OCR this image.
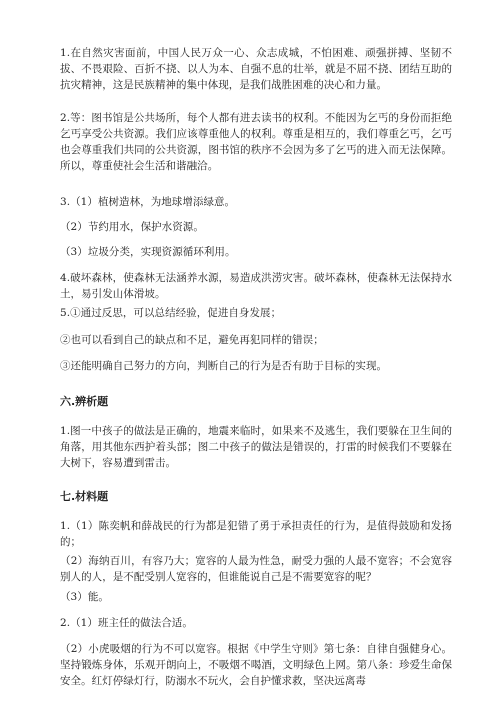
1.在自然灾害面前，中国人民万众一心、众志成城，不怕困难、顽强拼搏、坚韧不拔、不畏艰险、百折不挠、以人为本、自强不息的壮举，就是不屈不挠、团结互助的抗灾精神，这是民族精神的集中体现，是我们战胜困难的决心和力量。
2.等：图书馆是公共场所，每个人都有进去读书的权利。不能因为乞丐的身份而拒绝乞丐享受公共资源。我们应该尊重他人的权利。尊重是相互的，我们尊重乞丐，乞丐也会尊重我们共同的公共资源，图书馆的秩序不会因为多了乞丐的进入而无法保障。所以，尊重使社会生活和谐融洽。
3.（1）植树造林，为地球增添绿意。
（2）节约用水，保护水资源。
（3）垃圾分类，实现资源循环利用。
4.破坏森林，使森林无法涵养水源，易造成洪涝灾害。破坏森林，使森林无法保持水土，易引发山体滑坡。
5.①通过反思，可以总结经验，促进自身发展；
②也可以看到自己的缺点和不足，避免再犯同样的错误；
③还能明确自己努力的方向，判断自己的行为是否有助于目标的实现。
六.辨析题
1.图一中孩子的做法是正确的，地震来临时，如果来不及逃生，我们要躲在卫生间的角落，用其他东西护着头部；图二中孩子的做法是错误的，打雷的时候我们不要躲在大树下，容易遭到雷击。
七.材料题
1.（1）陈奕帆和薛战民的行为都是犯错了勇于承担责任的行为，是值得鼓励和发扬的；
（2）海纳百川，有容乃大；宽容的人最为性急，耐受力强的人最不宽容；不会宽容别人的人，是不配受别人宽容的，但谁能说自己是不需要宽容的呢？
（3）能。
2.（1）班主任的做法合适。
（2）小虎吸烟的行为不可以宽容。根据《中学生守则》第七条：自律自强健身心。坚持锻炼身体，乐观开朗向上，不吸烟不喝酒，文明绿色上网。第八条：珍爱生命保安全。红灯停绿灯行，防溺水不玩火，会自护懂求救，坚决远离毒
